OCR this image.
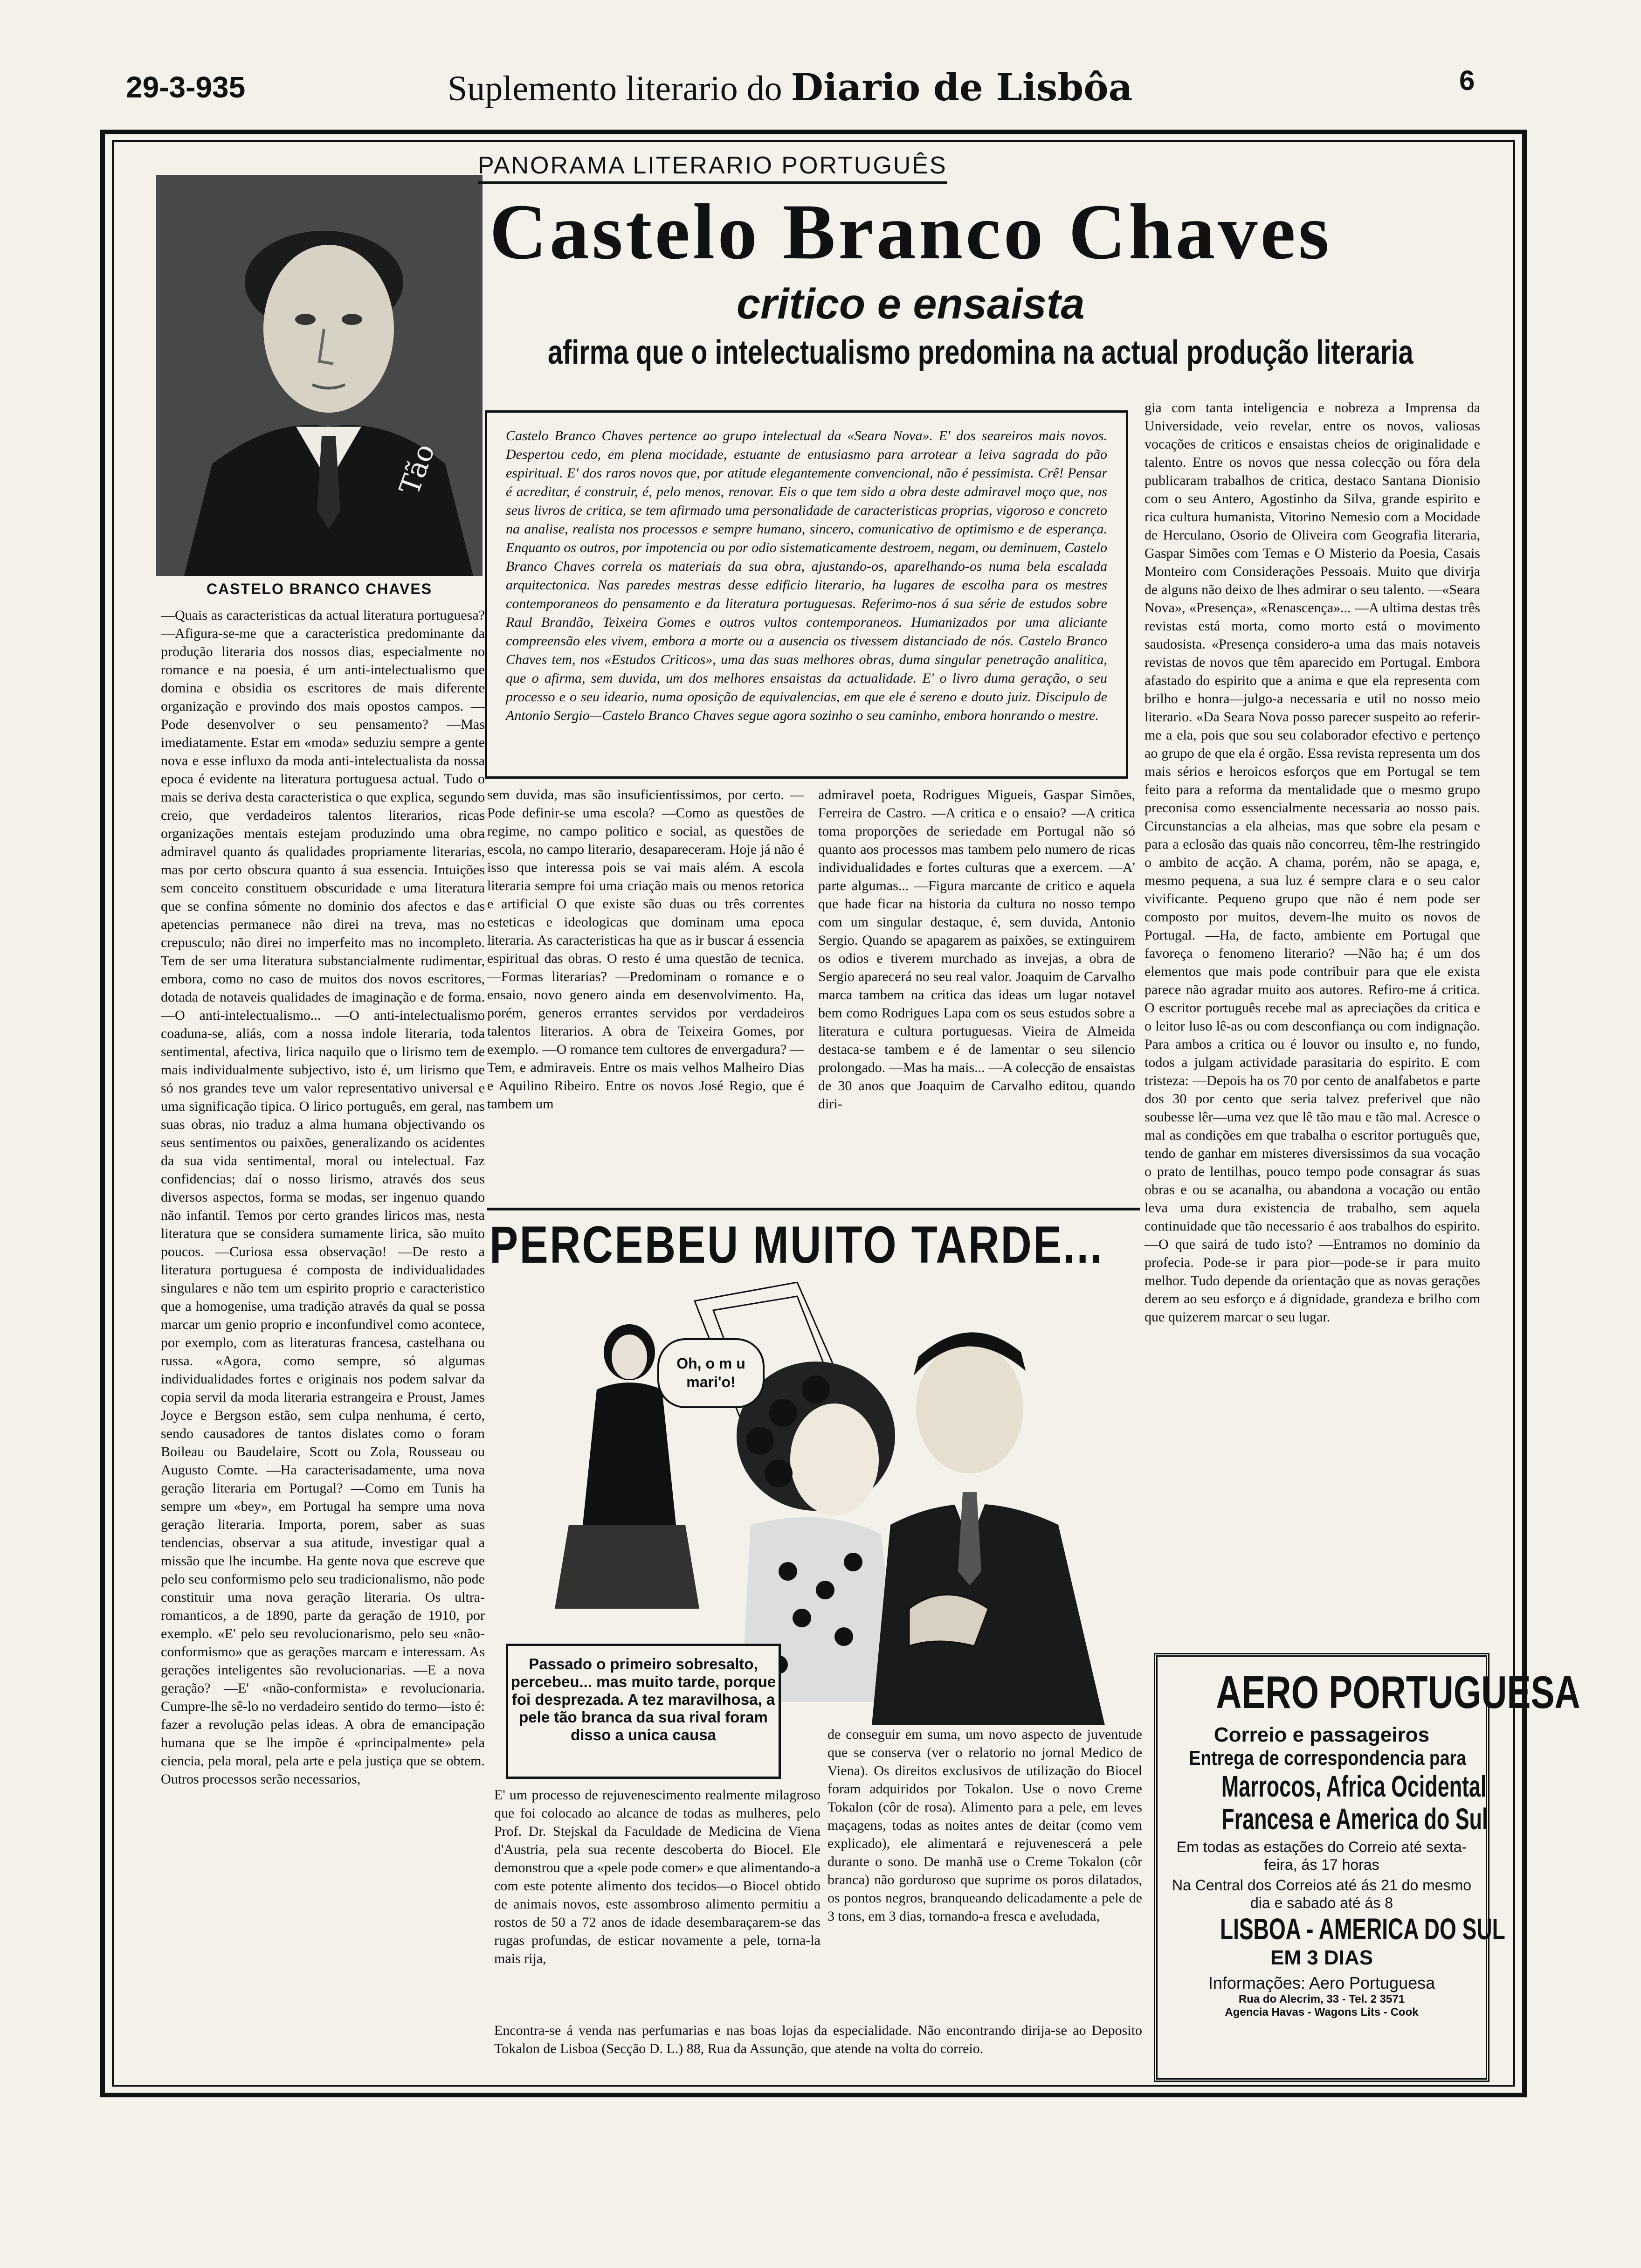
29-3-935	Suplemento literario do Diario de Lisbôa	6
Tão
CASTELO BRANCO CHAVES
PANORAMA LITERARIO PORTUGUÊS
Castelo Branco Chaves
critico e ensaista
afirma que o intelectualismo predomina na actual produção literaria
Castelo Branco Chaves pertence ao grupo intelectual da «Seara Nova». E' dos seareiros mais novos. Despertou cedo, em plena mocidade, estuante de entusiasmo para arrotear a leiva sagrada do pão espiritual. E' dos raros novos que, por atitude elegantemente convencional, não é pessimista. Crê! Pensar é acreditar, é construir, é, pelo menos, renovar. Eis o que tem sido a obra deste admiravel moço que, nos seus livros de critica, se tem afirmado uma personalidade de caracteristicas proprias, vigoroso e concreto na analise, realista nos processos e sempre humano, sincero, comunicativo de optimismo e de esperança. Enquanto os outros, por impotencia ou por odio sistematicamente destroem, negam, ou deminuem, Castelo Branco Chaves correla os materiais da sua obra, ajustando-os, aparelhando-os numa bela escalada arquitectonica. Nas paredes mestras desse edificio literario, ha lugares de escolha para os mestres contemporaneos do pensamento e da literatura portuguesas. Referimo-nos á sua série de estudos sobre Raul Brandão, Teixeira Gomes e outros vultos contemporaneos. Humanizados por uma aliciante compreensão eles vivem, embora a morte ou a ausencia os tivessem distanciado de nós. Castelo Branco Chaves tem, nos «Estudos Criticos», uma das suas melhores obras, duma singular penetração analitica, que o afirma, sem duvida, um dos melhores ensaistas da actualidade. E' o livro duma geração, o seu processo e o seu ideario, numa oposição de equivalencias, em que ele é sereno e douto juiz. Discipulo de Antonio Sergio—Castelo Branco Chaves segue agora sozinho o seu caminho, embora honrando o mestre.
—Quais as caracteristicas da actual literatura portuguesa? —Afigura-se-me que a caracteristica predominante da produção literaria dos nossos dias, especialmente no romance e na poesia, é um anti-intelectualismo que domina e obsidia os escritores de mais diferente organização e provindo dos mais opostos campos. —Pode desenvolver o seu pensamento? —Mas imediatamente. Estar em «moda» seduziu sempre a gente nova e esse influxo da moda anti-intelectualista da nossa epoca é evidente na literatura portuguesa actual. Tudo o mais se deriva desta caracteristica o que explica, segundo creio, que verdadeiros talentos literarios, ricas organizações mentais estejam produzindo uma obra admiravel quanto ás qualidades propriamente literarias, mas por certo obscura quanto á sua essencia. Intuições sem conceito constituem obscuridade e uma literatura que se confina sómente no dominio dos afectos e das apetencias permanece não direi na treva, mas no crepusculo; não direi no imperfeito mas no incompleto. Tem de ser uma literatura substancialmente rudimentar, embora, como no caso de muitos dos novos escritores, dotada de notaveis qualidades de imaginação e de forma. —O anti-intelectualismo... —O anti-intelectualismo coaduna-se, aliás, com a nossa indole literaria, toda sentimental, afectiva, lirica naquilo que o lirismo tem de mais individualmente subjectivo, isto é, um lirismo que só nos grandes teve um valor representativo universal e uma significação tipica. O lirico português, em geral, nas suas obras, nio traduz a alma humana objectivando os seus sentimentos ou paixões, generalizando os acidentes da sua vida sentimental, moral ou intelectual. Faz confidencias; daí o nosso lirismo, através dos seus diversos aspectos, forma se modas, ser ingenuo quando não infantil. Temos por certo grandes liricos mas, nesta literatura que se considera sumamente lirica, são muito poucos. —Curiosa essa observação! —De resto a literatura portuguesa é composta de individualidades singulares e não tem um espirito proprio e caracteristico que a homogenise, uma tradição através da qual se possa marcar um genio proprio e inconfundivel como acontece, por exemplo, com as literaturas francesa, castelhana ou russa. «Agora, como sempre, só algumas individualidades fortes e originais nos podem salvar da copia servil da moda literaria estrangeira e Proust, James Joyce e Bergson estão, sem culpa nenhuma, é certo, sendo causadores de tantos dislates como o foram Boileau ou Baudelaire, Scott ou Zola, Rousseau ou Augusto Comte. —Ha caracterisadamente, uma nova geração literaria em Portugal? —Como em Tunis ha sempre um «bey», em Portugal ha sempre uma nova geração literaria. Importa, porem, saber as suas tendencias, observar a sua atitude, investigar qual a missão que lhe incumbe. Ha gente nova que escreve que pelo seu conformismo pelo seu tradicionalismo, não pode constituir uma nova geração literaria. Os ultra-romanticos, a de 1890, parte da geração de 1910, por exemplo. «E' pelo seu revolucionarismo, pelo seu «não-conformismo» que as gerações marcam e interessam. As gerações inteligentes são revolucionarias. —E a nova geração? —E' «não-conformista» e revolucionaria. Cumpre-lhe sê-lo no verdadeiro sentido do termo—isto é: fazer a revolução pelas ideas. A obra de emancipação humana que se lhe impõe é «principalmente» pela ciencia, pela moral, pela arte e pela justiça que se obtem. Outros processos serão necessarios,
sem duvida, mas são insuficientissimos, por certo. —Pode definir-se uma escola? —Como as questões de regime, no campo politico e social, as questões de escola, no campo literario, desapareceram. Hoje já não é isso que interessa pois se vai mais além. A escola literaria sempre foi uma criação mais ou menos retorica e artificial O que existe são duas ou três correntes esteticas e ideologicas que dominam uma epoca literaria. As caracteristicas ha que as ir buscar á essencia espiritual das obras. O resto é uma questão de tecnica. —Formas literarias? —Predominam o romance e o ensaio, novo genero ainda em desenvolvimento. Ha, porém, generos errantes servidos por verdadeiros talentos literarios. A obra de Teixeira Gomes, por exemplo. —O romance tem cultores de envergadura? —Tem, e admiraveis. Entre os mais velhos Malheiro Dias e Aquilino Ribeiro. Entre os novos José Regio, que é tambem um
admiravel poeta, Rodrigues Migueis, Gaspar Simões, Ferreira de Castro. —A critica e o ensaio? —A critica toma proporções de seriedade em Portugal não só quanto aos processos mas tambem pelo numero de ricas individualidades e fortes culturas que a exercem. —A' parte algumas... —Figura marcante de critico e aquela que hade ficar na historia da cultura no nosso tempo com um singular destaque, é, sem duvida, Antonio Sergio. Quando se apagarem as paixões, se extinguirem os odios e tiverem murchado as invejas, a obra de Sergio aparecerá no seu real valor. Joaquim de Carvalho marca tambem na critica das ideas um lugar notavel bem como Rodrigues Lapa com os seus estudos sobre a literatura e cultura portuguesas. Vieira de Almeida destaca-se tambem e é de lamentar o seu silencio prolongado. —Mas ha mais... —A colecção de ensaistas de 30 anos que Joaquim de Carvalho editou, quando diri-
gia com tanta inteligencia e nobreza a Imprensa da Universidade, veio revelar, entre os novos, valiosas vocações de criticos e ensaistas cheios de originalidade e talento. Entre os novos que nessa colecção ou fóra dela publicaram trabalhos de critica, destaco Santana Dionisio com o seu Antero, Agostinho da Silva, grande espirito e rica cultura humanista, Vitorino Nemesio com a Mocidade de Herculano, Osorio de Oliveira com Geografia literaria, Gaspar Simões com Temas e O Misterio da Poesia, Casais Monteiro com Considerações Pessoais. Muito que divirja de alguns não deixo de lhes admirar o seu talento. —«Seara Nova», «Presença», «Renascença»... —A ultima destas três revistas está morta, como morto está o movimento saudosista. «Presença considero-a uma das mais notaveis revistas de novos que têm aparecido em Portugal. Embora afastado do espirito que a anima e que ela representa com brilho e honra—julgo-a necessaria e util no nosso meio literario. «Da Seara Nova posso parecer suspeito ao referir-me a ela, pois que sou seu colaborador efectivo e pertenço ao grupo de que ela é orgão. Essa revista representa um dos mais sérios e heroicos esforços que em Portugal se tem feito para a reforma da mentalidade que o mesmo grupo preconisa como essencialmente necessaria ao nosso pais. Circunstancias a ela alheias, mas que sobre ela pesam e para a eclosão das quais não concorreu, têm-lhe restringido o ambito de acção. A chama, porém, não se apaga, e, mesmo pequena, a sua luz é sempre clara e o seu calor vivificante. Pequeno grupo que não é nem pode ser composto por muitos, devem-lhe muito os novos de Portugal. —Ha, de facto, ambiente em Portugal que favoreça o fenomeno literario? —Não ha; é um dos elementos que mais pode contribuir para que ele exista parece não agradar muito aos autores. Refiro-me á critica. O escritor português recebe mal as apreciações da critica e o leitor luso lê-as ou com desconfiança ou com indignação. Para ambos a critica ou é louvor ou insulto e, no fundo, todos a julgam actividade parasitaria do espirito. E com tristeza: —Depois ha os 70 por cento de analfabetos e parte dos 30 por cento que seria talvez preferivel que não soubesse lêr—uma vez que lê tão mau e tão mal. Acresce o mal as condições em que trabalha o escritor português que, tendo de ganhar em misteres diversissimos da sua vocação o prato de lentilhas, pouco tempo pode consagrar ás suas obras e ou se acanalha, ou abandona a vocação ou então leva uma dura existencia de trabalho, sem aquela continuidade que tão necessario é aos trabalhos do espirito. —O que sairá de tudo isto? —Entramos no dominio da profecia. Pode-se ir para pior—pode-se ir para muito melhor. Tudo depende da orientação que as novas gerações derem ao seu esforço e á dignidade, grandeza e brilho com que quizerem marcar o seu lugar.
PERCEBEU MUITO TARDE...
Oh, o m u mari'o!
Passado o primeiro sobresalto, percebeu... mas muito tarde, porque foi desprezada. A tez maravilhosa, a pele tão branca da sua rival foram disso a unica causa
E' um processo de rejuvenescimento realmente milagroso que foi colocado ao alcance de todas as mulheres, pelo Prof. Dr. Stejskal da Faculdade de Medicina de Viena d'Austria, pela sua recente descoberta do Biocel. Ele demonstrou que a «pele pode comer» e que alimentando-a com este potente alimento dos tecidos—o Biocel obtido de animais novos, este assombroso alimento permitiu a rostos de 50 a 72 anos de idade desembaraçarem-se das rugas profundas, de esticar novamente a pele, torna-la mais rija,
de conseguir em suma, um novo aspecto de juventude que se conserva (ver o relatorio no jornal Medico de Viena). Os direitos exclusivos de utilização do Biocel foram adquiridos por Tokalon. Use o novo Creme Tokalon (côr de rosa). Alimento para a pele, em leves maçagens, todas as noites antes de deitar (como vem explicado), ele alimentará e rejuvenescerá a pele durante o sono. De manhã use o Creme Tokalon (côr branca) não gorduroso que suprime os poros dilatados, os pontos negros, branqueando delicadamente a pele de 3 tons, em 3 dias, tornando-a fresca e aveludada,
Encontra-se á venda nas perfumarias e nas boas lojas da especialidade. Não encontrando dirija-se ao Deposito Tokalon de Lisboa (Secção D. L.) 88, Rua da Assunção, que atende na volta do correio.
AERO PORTUGUESA
Correio e passageiros
Entrega de correspondencia para Marrocos, Africa Ocidental Francesa e America do Sul
Em todas as estações do Correio até sexta-feira, ás 17 horas
Na Central dos Correios até ás 21 do mesmo dia e sabado até ás 8
LISBOA - AMERICA DO SUL
EM 3 DIAS
Informações: Aero Portuguesa
Rua do Alecrim, 33 - Tel. 2 3571
Agencia Havas - Wagons Lits - Cook
